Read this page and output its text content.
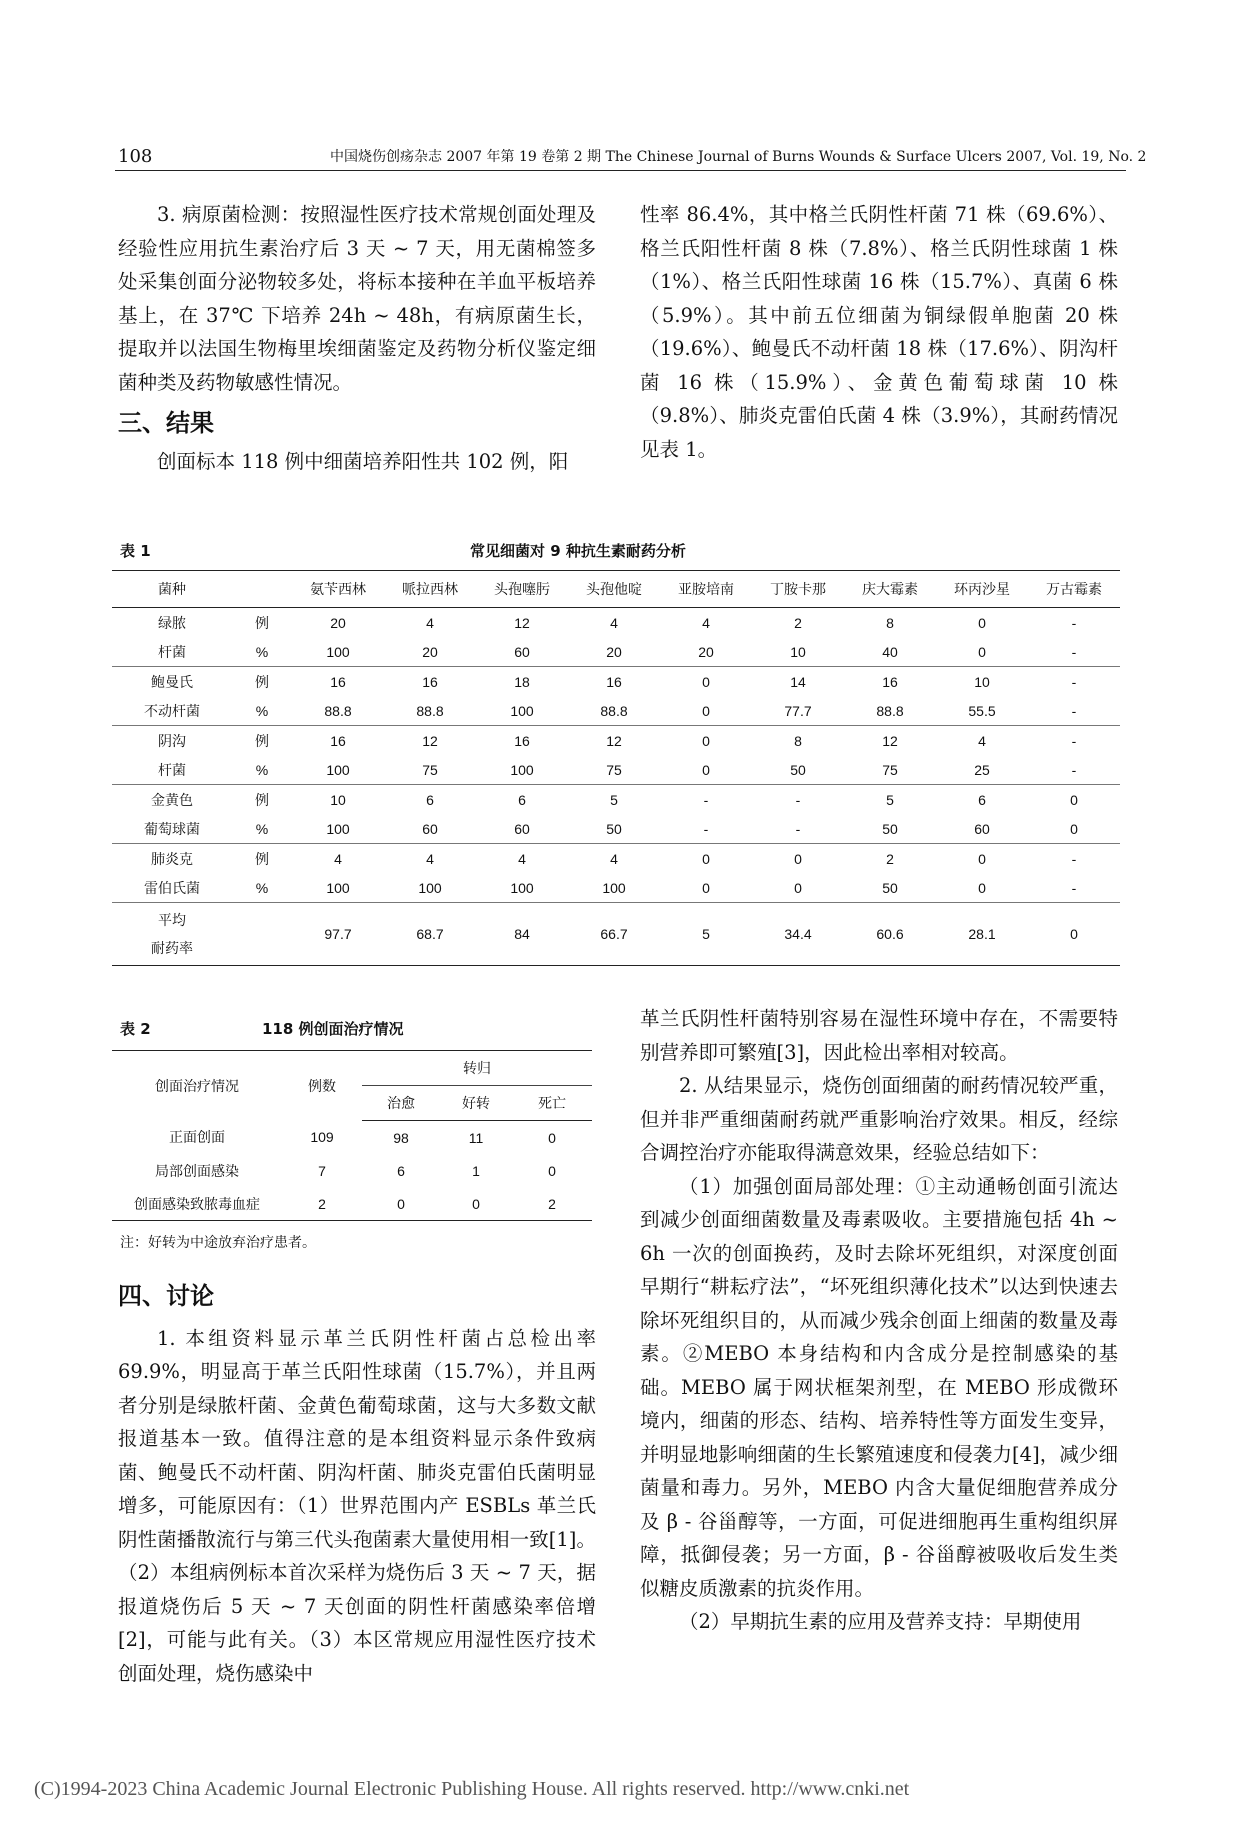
108	中国烧伤创疡杂志 2007 年第 19 卷第 2 期 The Chinese Journal of Burns Wounds & Surface Ulcers 2007, Vol. 19, No. 2

3. 病原菌检测：按照湿性医疗技术常规创面处理及经验性应用抗生素治疗后 3 天 ~ 7 天，用无菌棉签多处采集创面分泌物较多处，将标本接种在羊血平板培养基上，在 37℃ 下培养 24h ~ 48h，有病原菌生长，提取并以法国生物梅里埃细菌鉴定及药物分析仪鉴定细菌种类及药物敏感性情况。

三、结果

创面标本 118 例中细菌培养阳性共 102 例，阳

性率 86.4%，其中格兰氏阴性杆菌 71 株（69.6%）、格兰氏阳性杆菌 8 株（7.8%）、格兰氏阴性球菌 1 株（1%）、格兰氏阳性球菌 16 株（15.7%）、真菌 6 株（5.9%）。其中前五位细菌为铜绿假单胞菌 20 株（19.6%）、鲍曼氏不动杆菌 18 株（17.6%）、阴沟杆菌 16 株（15.9%）、金黄色葡萄球菌 10 株（9.8%）、肺炎克雷伯氏菌 4 株（3.9%），其耐药情况见表 1。

表 1	常见细菌对 9 种抗生素耐药分析
菌种		氨苄西林	哌拉西林	头孢噻肟	头孢他啶	亚胺培南	丁胺卡那	庆大霉素	环丙沙星	万古霉素
绿脓	例	20	4	12	4	4	2	8	0	-
杆菌	%	100	20	60	20	20	10	40	0	-
鲍曼氏	例	16	16	18	16	0	14	16	10	-
不动杆菌	%	88.8	88.8	100	88.8	0	77.7	88.8	55.5	-
阴沟	例	16	12	16	12	0	8	12	4	-
杆菌	%	100	75	100	75	0	50	75	25	-
金黄色	例	10	6	6	5	-	-	5	6	0
葡萄球菌	%	100	60	60	50	-	-	50	60	0
肺炎克	例	4	4	4	4	0	0	2	0	-
雷伯氏菌	%	100	100	100	100	0	0	50	0	-

平均
耐药率		97.7	68.7	84	66.7	5	34.4	60.6	28.1	0
表 2	118 例创面治疗情况
创面治疗情况	例数	转归		
		治愈	好转	死亡
正面创面	109	98	11	0
局部创面感染	7	6	1	0
创面感染致脓毒血症	2	0	0	2
注：好转为中途放弃治疗患者。
四、讨论

1. 本组资料显示革兰氏阴性杆菌占总检出率 69.9%，明显高于革兰氏阳性球菌（15.7%），并且两者分别是绿脓杆菌、金黄色葡萄球菌，这与大多数文献报道基本一致。值得注意的是本组资料显示条件致病菌、鲍曼氏不动杆菌、阴沟杆菌、肺炎克雷伯氏菌明显增多，可能原因有：（1）世界范围内产 ESBLs 革兰氏阴性菌播散流行与第三代头孢菌素大量使用相一致[1]。（2）本组病例标本首次采样为烧伤后 3 天 ~ 7 天，据报道烧伤后 5 天 ~ 7 天创面的阴性杆菌感染率倍增[2]，可能与此有关。（3）本区常规应用湿性医疗技术创面处理，烧伤感染中

革兰氏阴性杆菌特别容易在湿性环境中存在，不需要特别营养即可繁殖[3]，因此检出率相对较高。

2. 从结果显示，烧伤创面细菌的耐药情况较严重，但并非严重细菌耐药就严重影响治疗效果。相反，经综合调控治疗亦能取得满意效果，经验总结如下：

（1）加强创面局部处理：①主动通畅创面引流达到减少创面细菌数量及毒素吸收。主要措施包括 4h ~ 6h 一次的创面换药，及时去除坏死组织，对深度创面早期行“耕耘疗法”，“坏死组织薄化技术”以达到快速去除坏死组织目的，从而减少残余创面上细菌的数量及毒素。②MEBO 本身结构和内含成分是控制感染的基础。MEBO 属于网状框架剂型，在 MEBO 形成微环境内，细菌的形态、结构、培养特性等方面发生变异，并明显地影响细菌的生长繁殖速度和侵袭力[4]，减少细菌量和毒力。另外，MEBO 内含大量促细胞营养成分及 β - 谷甾醇等，一方面，可促进细胞再生重构组织屏障，抵御侵袭；另一方面，β - 谷甾醇被吸收后发生类似糖皮质激素的抗炎作用。

（2）早期抗生素的应用及营养支持：早期使用

(C)1994-2023 China Academic Journal Electronic Publishing House. All rights reserved. http://www.cnki.net
